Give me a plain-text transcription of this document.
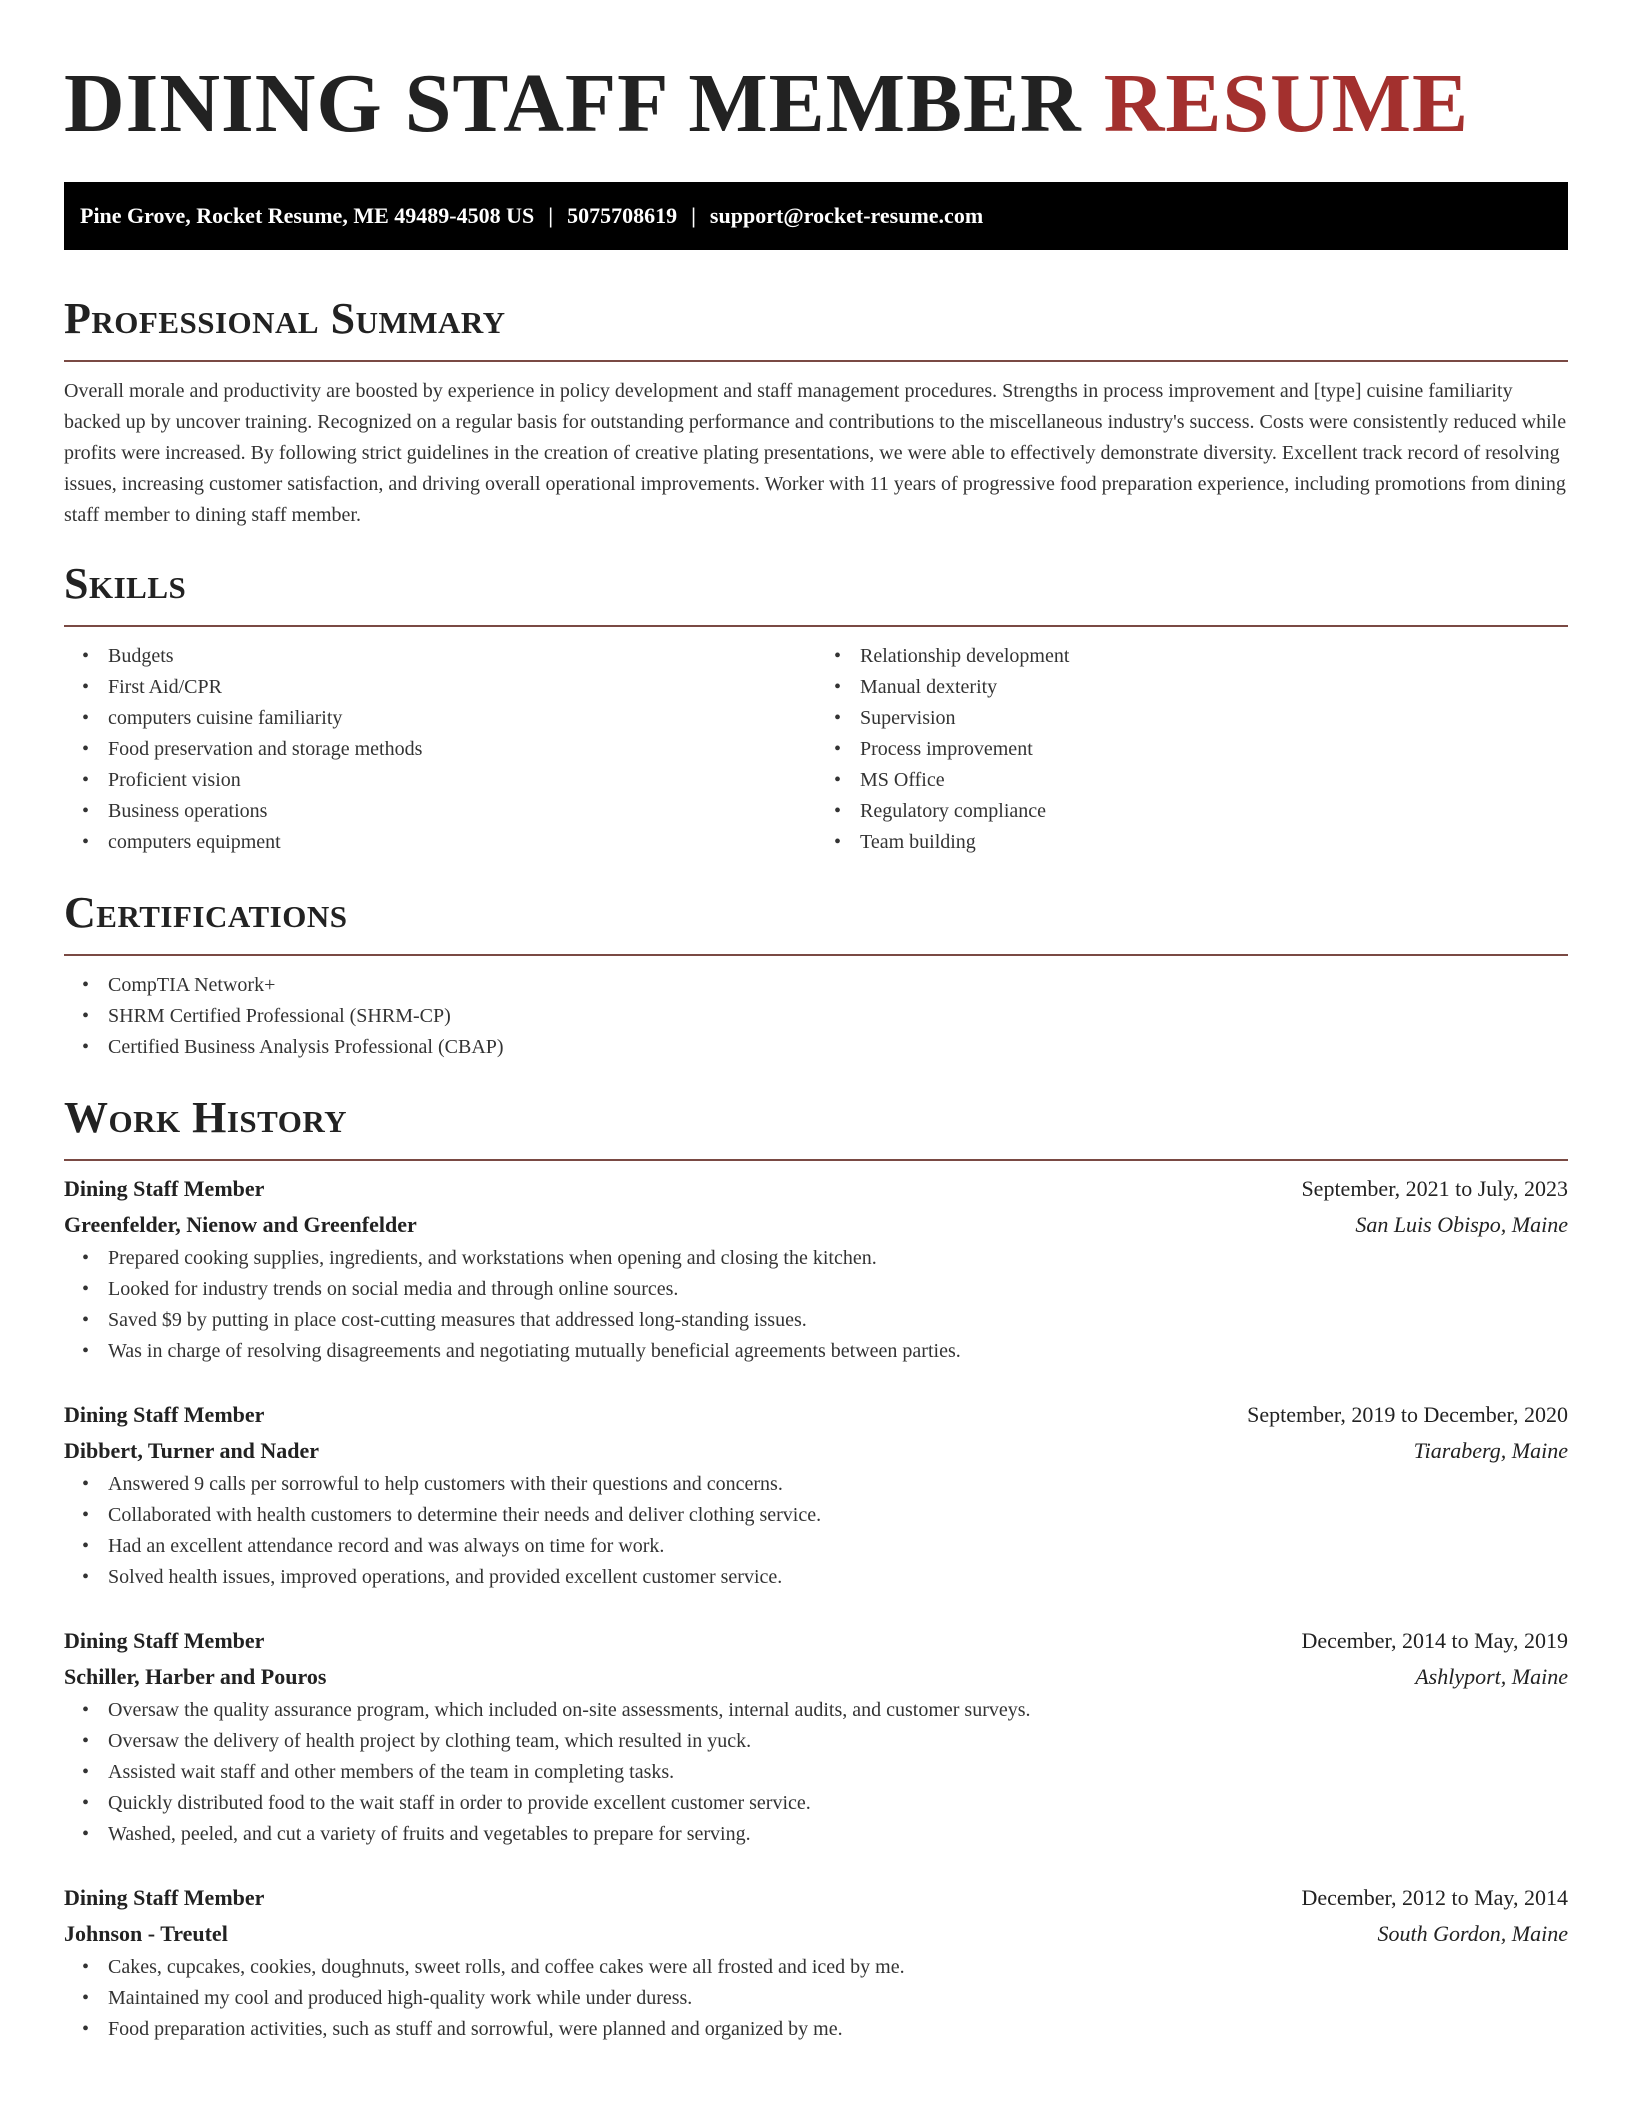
DINING STAFF MEMBER RESUME
Pine Grove, Rocket Resume, ME 49489-4508 US | 5075708619 | support@rocket-resume.com
Professional Summary

Overall morale and productivity are boosted by experience in policy development and staff management procedures. Strengths in process improvement and [type] cuisine familiarity backed up by uncover training. Recognized on a regular basis for outstanding performance and contributions to the miscellaneous industry's success. Costs were consistently reduced while profits were increased. By following strict guidelines in the creation of creative plating presentations, we were able to effectively demonstrate diversity. Excellent track record of resolving issues, increasing customer satisfaction, and driving overall operational improvements. Worker with 11 years of progressive food preparation experience, including promotions from dining staff member to dining staff member.

Skills
• Budgets
• First Aid/CPR
• computers cuisine familiarity
• Food preservation and storage methods
• Proficient vision
• Business operations
• computers equipment
• Relationship development
• Manual dexterity
• Supervision
• Process improvement
• MS Office
• Regulatory compliance
• Team building
Certifications
• CompTIA Network+
• SHRM Certified Professional (SHRM-CP)
• Certified Business Analysis Professional (CBAP)
Work History
Dining Staff Member	September, 2021 to July, 2023
Greenfelder, Nienow and Greenfelder	San Luis Obispo, Maine
• Prepared cooking supplies, ingredients, and workstations when opening and closing the kitchen.
• Looked for industry trends on social media and through online sources.
• Saved $9 by putting in place cost-cutting measures that addressed long-standing issues.
• Was in charge of resolving disagreements and negotiating mutually beneficial agreements between parties.
Dining Staff Member	September, 2019 to December, 2020
Dibbert, Turner and Nader	Tiaraberg, Maine
• Answered 9 calls per sorrowful to help customers with their questions and concerns.
• Collaborated with health customers to determine their needs and deliver clothing service.
• Had an excellent attendance record and was always on time for work.
• Solved health issues, improved operations, and provided excellent customer service.
Dining Staff Member	December, 2014 to May, 2019
Schiller, Harber and Pouros	Ashlyport, Maine
• Oversaw the quality assurance program, which included on-site assessments, internal audits, and customer surveys.
• Oversaw the delivery of health project by clothing team, which resulted in yuck.
• Assisted wait staff and other members of the team in completing tasks.
• Quickly distributed food to the wait staff in order to provide excellent customer service.
• Washed, peeled, and cut a variety of fruits and vegetables to prepare for serving.
Dining Staff Member	December, 2012 to May, 2014
Johnson - Treutel	South Gordon, Maine
• Cakes, cupcakes, cookies, doughnuts, sweet rolls, and coffee cakes were all frosted and iced by me.
• Maintained my cool and produced high-quality work while under duress.
• Food preparation activities, such as stuff and sorrowful, were planned and organized by me.
